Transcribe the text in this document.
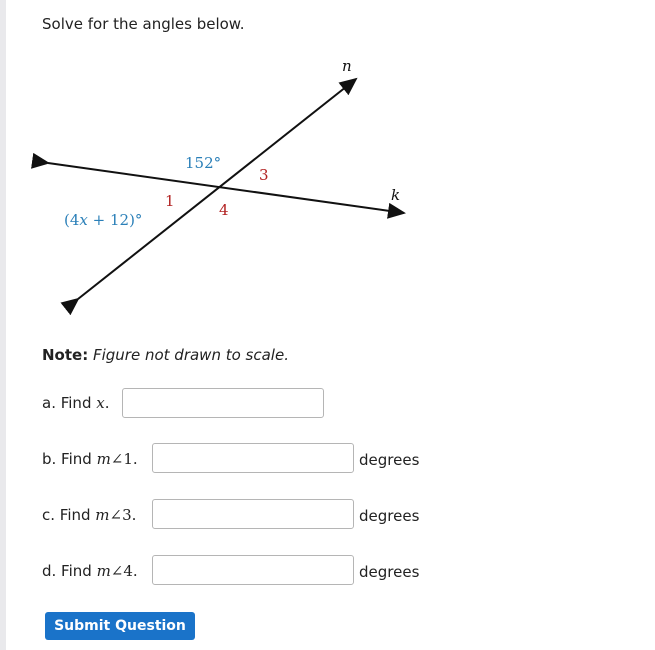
Solve for the angles below.
n
k
152°
(4x + 12)°
1
3
4
Note: Figure not drawn to scale.
a. Find x.
b. Find m∠1.	degrees
c. Find m∠3.	degrees
d. Find m∠4.	degrees
Submit Question
